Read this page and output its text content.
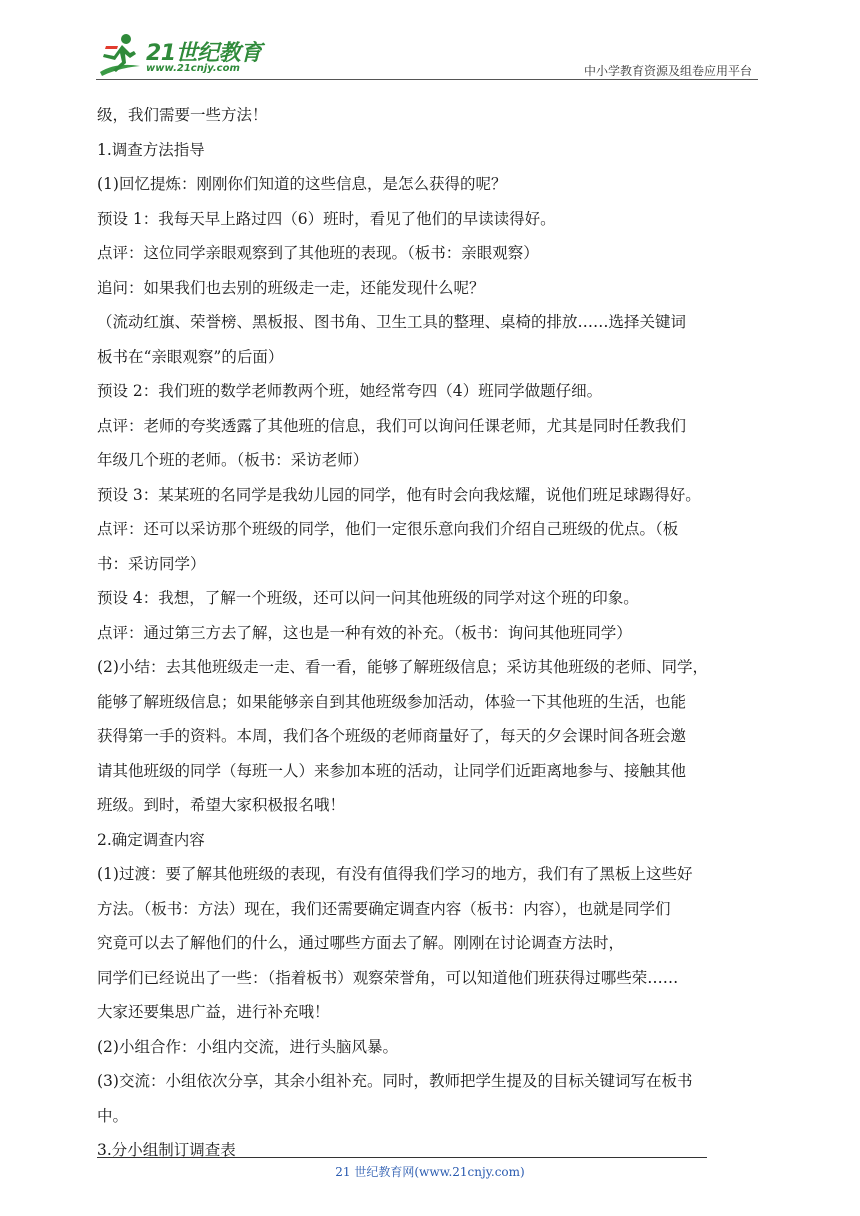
21世纪教育
www.21cnjy.com	中小学教育资源及组卷应用平台
级，我们需要一些方法！
1.调查方法指导
(1)回忆提炼：刚刚你们知道的这些信息，是怎么获得的呢？
预设 1：我每天早上路过四（6）班时，看见了他们的早读读得好。
点评：这位同学亲眼观察到了其他班的表现。（板书：亲眼观察）
追问：如果我们也去别的班级走一走，还能发现什么呢？
（流动红旗、荣誉榜、黑板报、图书角、卫生工具的整理、桌椅的排放……选择关键词
板书在“亲眼观察”的后面）
预设 2：我们班的数学老师教两个班，她经常夸四（4）班同学做题仔细。
点评：老师的夸奖透露了其他班的信息，我们可以询问任课老师，尤其是同时任教我们
年级几个班的老师。（板书：采访老师）
预设 3：某某班的名同学是我幼儿园的同学，他有时会向我炫耀，说他们班足球踢得好。
点评：还可以采访那个班级的同学，他们一定很乐意向我们介绍自己班级的优点。（板
书：采访同学）
预设 4：我想，了解一个班级，还可以问一问其他班级的同学对这个班的印象。
点评：通过第三方去了解，这也是一种有效的补充。（板书：询问其他班同学）
(2)小结：去其他班级走一走、看一看，能够了解班级信息；采访其他班级的老师、同学，
能够了解班级信息；如果能够亲自到其他班级参加活动，体验一下其他班的生活，也能
获得第一手的资料。本周，我们各个班级的老师商量好了，每天的夕会课时间各班会邀
请其他班级的同学（每班一人）来参加本班的活动，让同学们近距离地参与、接触其他
班级。到时，希望大家积极报名哦！
2.确定调查内容
(1)过渡：要了解其他班级的表现，有没有值得我们学习的地方，我们有了黑板上这些好
方法。（板书：方法）现在，我们还需要确定调查内容（板书：内容），也就是同学们
究竟可以去了解他们的什么，通过哪些方面去了解。刚刚在讨论调查方法时，
同学们已经说出了一些：（指着板书）观察荣誉角，可以知道他们班获得过哪些荣……
大家还要集思广益，进行补充哦！
(2)小组合作：小组内交流，进行头脑风暴。
(3)交流：小组依次分享，其余小组补充。同时，教师把学生提及的目标关键词写在板书
中。
3.分小组制订调查表
21 世纪教育网(www.21cnjy.com)
